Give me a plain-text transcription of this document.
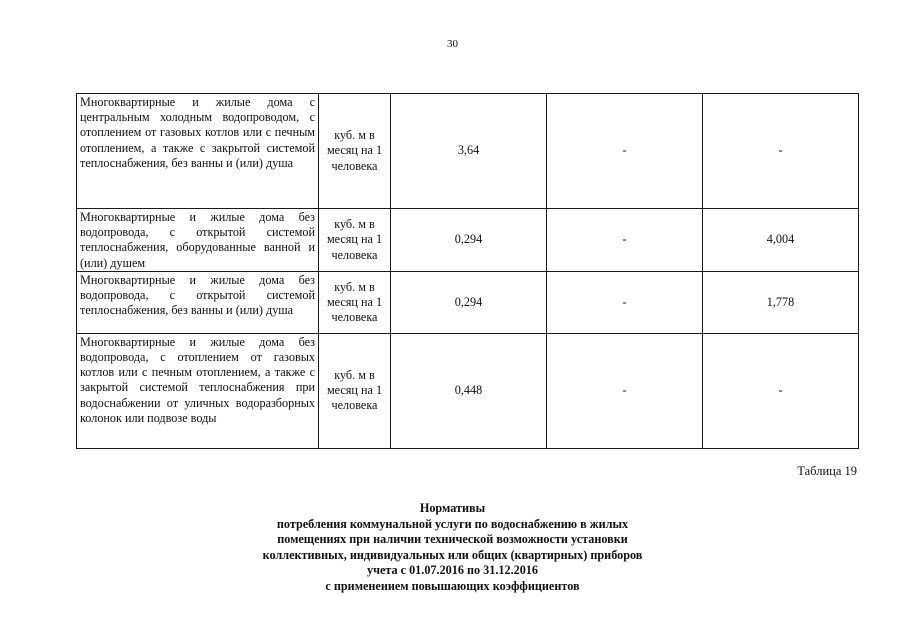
30
Многоквартирные и жилые дома с центральным холодным водопроводом, с отоплением от газовых котлов или с печным отоплением, а также с закрытой системой теплоснабжения, без ванны и (или) душа	куб. м в месяц на 1 человека	3,64	-	-
Многоквартирные и жилые дома без водопровода, с открытой системой теплоснабжения, оборудованные ванной и (или) душем	куб. м в месяц на 1 человека	0,294	-	4,004
Многоквартирные и жилые дома без водопровода, с открытой системой теплоснабжения, без ванны и (или) душа	куб. м в месяц на 1 человека	0,294	-	1,778
Многоквартирные и жилые дома без водопровода, с отоплением от газовых котлов или с печным отоплением, а также с закрытой системой теплоснабжения при водоснабжении от уличных водоразборных колонок или подвозе воды	куб. м в месяц на 1 человека	0,448	-	-
Таблица 19
Нормативы
потребления коммунальной услуги по водоснабжению в жилых
помещениях при наличии технической возможности установки
коллективных, индивидуальных или общих (квартирных) приборов
учета с 01.07.2016 по 31.12.2016
с применением повышающих коэффициентов
